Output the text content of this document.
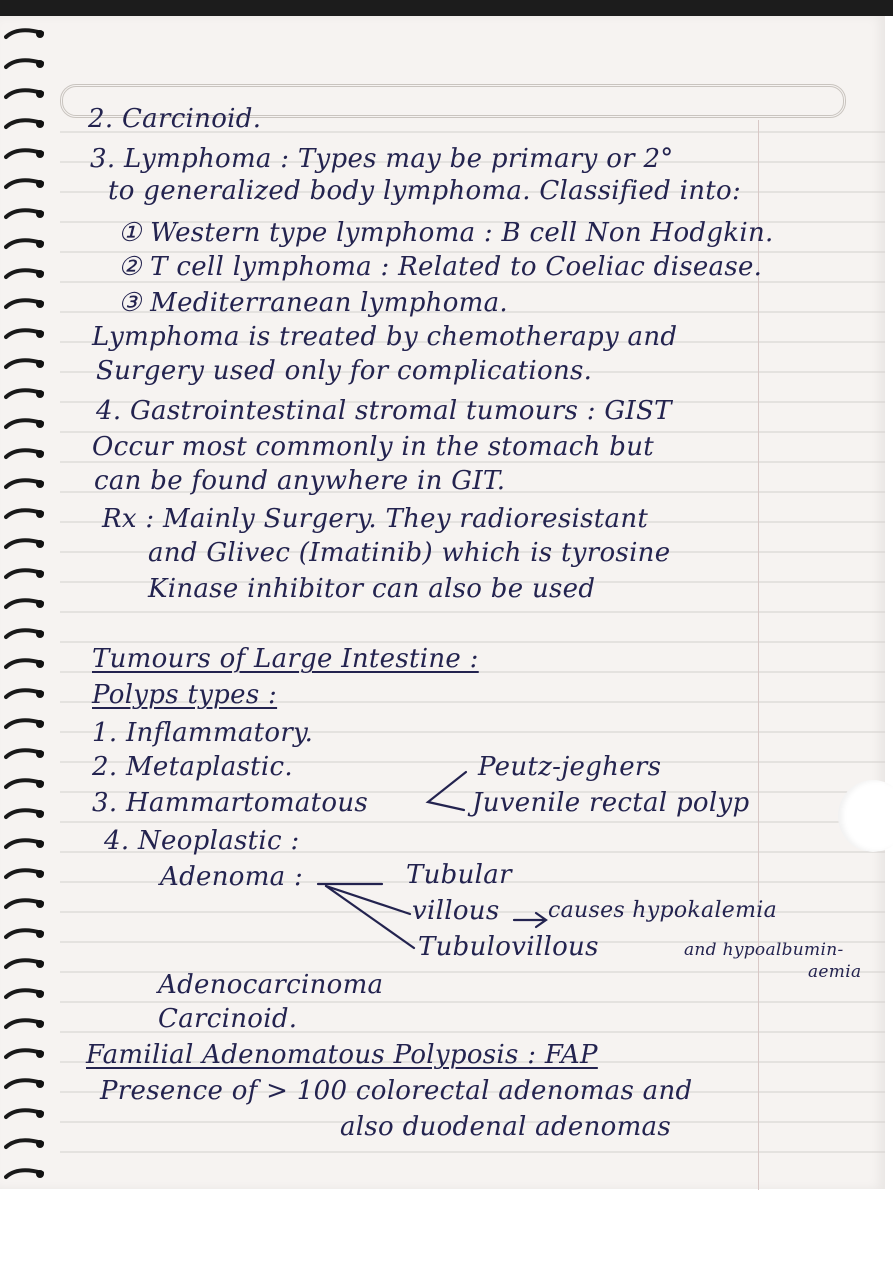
2. Carcinoid.
3. Lymphoma : Types may be primary or 2°
to generalized body lymphoma. Classified into:
① Western type lymphoma : B cell Non Hodgkin.
② T cell lymphoma : Related to Coeliac disease.
③ Mediterranean lymphoma.
Lymphoma is treated by chemotherapy and
Surgery used only for complications.
4. Gastrointestinal stromal tumours : GIST
Occur most commonly in the stomach but
can be found anywhere in GIT.
Rx : Mainly Surgery. They radioresistant
and Glivec (Imatinib) which is tyrosine
Kinase inhibitor can also be used
Tumours of Large Intestine :
Polyps types :
1. Inflammatory.
2. Metaplastic.
3. Hammartomatous
4. Neoplastic :
Peutz-jeghers
Juvenile rectal polyp
Adenoma :	Tubular
villous
Tubulovillous
causes hypokalemia
and hypoalbumin-
aemia
Adenocarcinoma
Carcinoid.
Familial Adenomatous Polyposis : FAP
Presence of > 100 colorectal adenomas and
also duodenal adenomas
